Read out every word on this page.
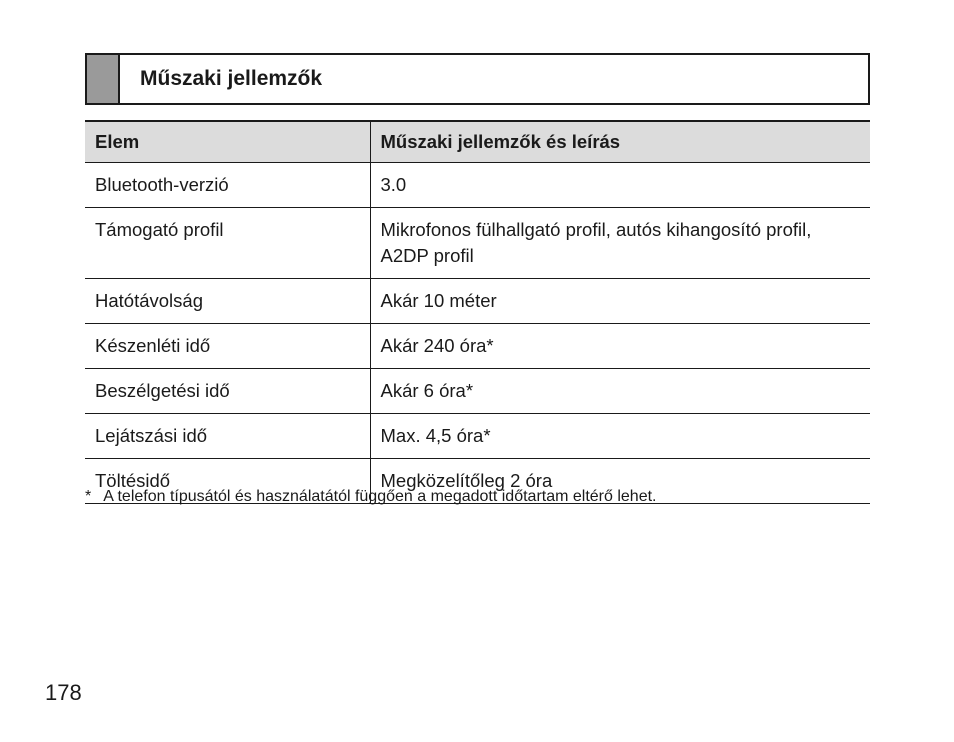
Műszaki jellemzők
Elem	Műszaki jellemzők és leírás
Bluetooth-verzió	3.0
Támogató profil	Mikrofonos fülhallgató profil, autós kihangosító profil, A2DP profil
Hatótávolság	Akár 10 méter
Készenléti idő	Akár 240 óra*
Beszélgetési idő	Akár 6 óra*
Lejátszási idő	Max. 4,5 óra*
Töltésidő	Megközelítőleg 2 óra
* A telefon típusától és használatától függően a megadott időtartam eltérő lehet.
178
